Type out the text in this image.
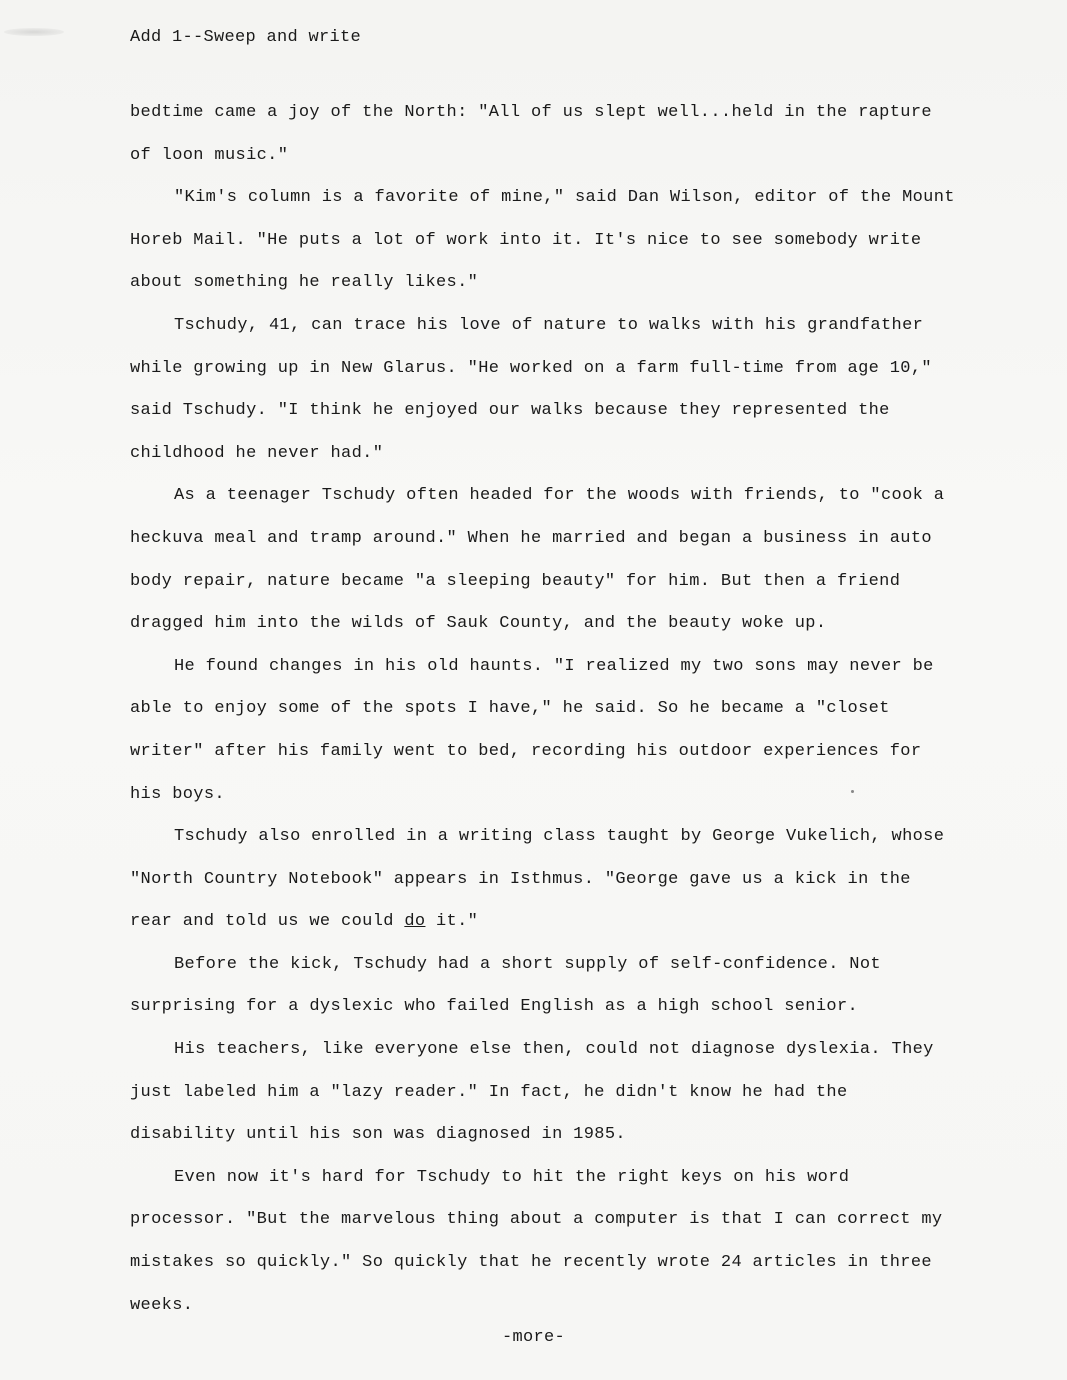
Add 1--Sweep and write
bedtime came a joy of the North: "All of us slept well...held in the rapture
of loon music."
"Kim's column is a favorite of mine," said Dan Wilson, editor of the Mount
Horeb Mail. "He puts a lot of work into it. It's nice to see somebody write
about something he really likes."
Tschudy, 41, can trace his love of nature to walks with his grandfather
while growing up in New Glarus. "He worked on a farm full-time from age 10,"
said Tschudy. "I think he enjoyed our walks because they represented the
childhood he never had."
As a teenager Tschudy often headed for the woods with friends, to "cook a
heckuva meal and tramp around." When he married and began a business in auto
body repair, nature became "a sleeping beauty" for him. But then a friend
dragged him into the wilds of Sauk County, and the beauty woke up.
He found changes in his old haunts. "I realized my two sons may never be
able to enjoy some of the spots I have," he said. So he became a "closet
writer" after his family went to bed, recording his outdoor experiences for
his boys.
Tschudy also enrolled in a writing class taught by George Vukelich, whose
"North Country Notebook" appears in Isthmus. "George gave us a kick in the
rear and told us we could do it."
Before the kick, Tschudy had a short supply of self-confidence. Not
surprising for a dyslexic who failed English as a high school senior.
His teachers, like everyone else then, could not diagnose dyslexia. They
just labeled him a "lazy reader." In fact, he didn't know he had the
disability until his son was diagnosed in 1985.
Even now it's hard for Tschudy to hit the right keys on his word
processor. "But the marvelous thing about a computer is that I can correct my
mistakes so quickly." So quickly that he recently wrote 24 articles in three
weeks.
-more-
